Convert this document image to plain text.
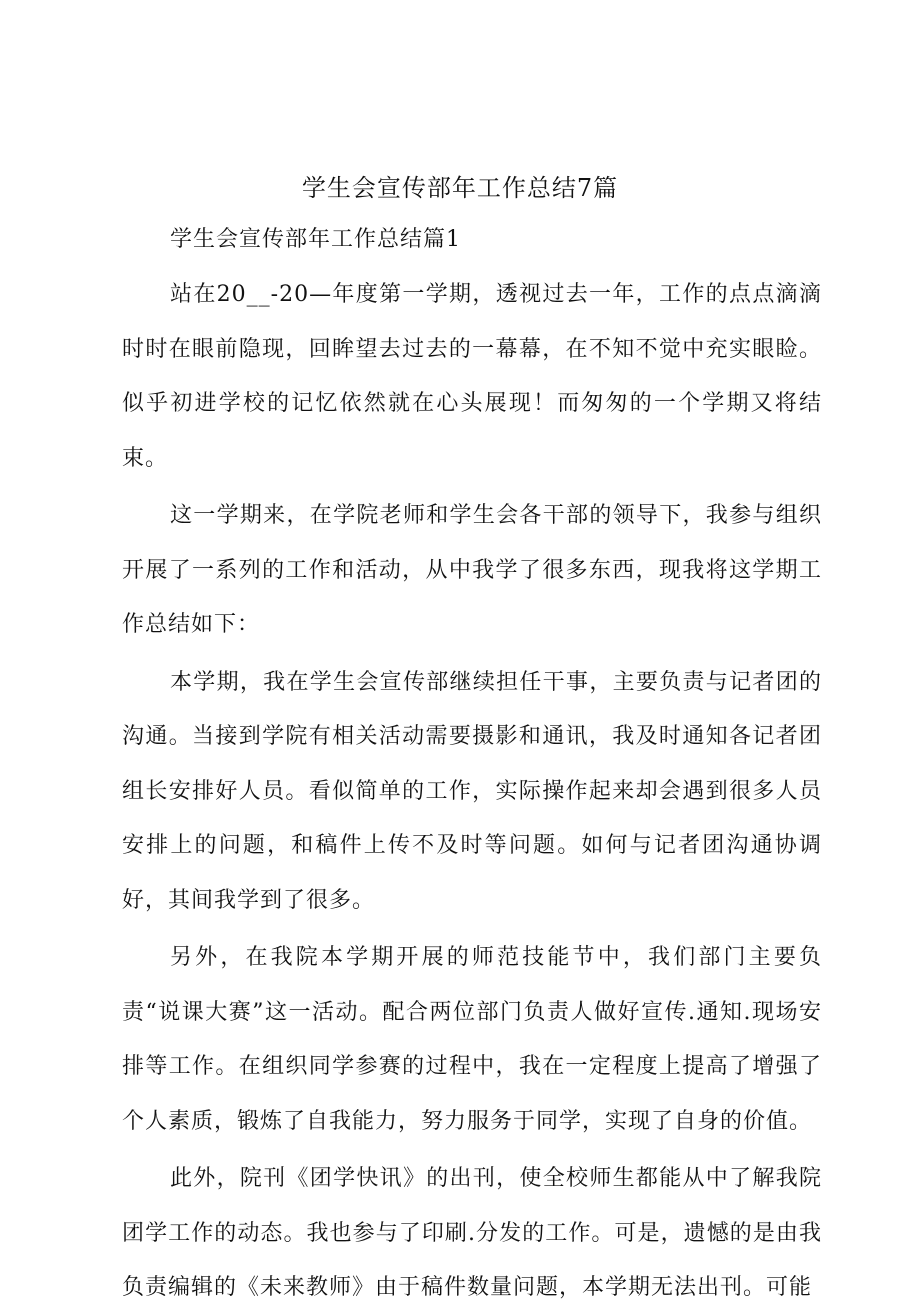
学生会宣传部年工作总结7篇
学生会宣传部年工作总结篇1

站在20__-20—年度第一学期，透视过去一年，工作的点点滴滴时时在眼前隐现，回眸望去过去的一幕幕，在不知不觉中充实眼睑。似乎初进学校的记忆依然就在心头展现！而匆匆的一个学期又将结束。

这一学期来，在学院老师和学生会各干部的领导下，我参与组织开展了一系列的工作和活动，从中我学了很多东西，现我将这学期工作总结如下：

本学期，我在学生会宣传部继续担任干事，主要负责与记者团的沟通。当接到学院有相关活动需要摄影和通讯，我及时通知各记者团组长安排好人员。看似简单的工作，实际操作起来却会遇到很多人员安排上的问题，和稿件上传不及时等问题。如何与记者团沟通协调好，其间我学到了很多。

另外，在我院本学期开展的师范技能节中，我们部门主要负责“说课大赛”这一活动。配合两位部门负责人做好宣传.通知.现场安排等工作。在组织同学参赛的过程中，我在一定程度上提高了增强了个人素质，锻炼了自我能力，努力服务于同学，实现了自身的价值。

此外，院刊《团学快讯》的出刊，使全校师生都能从中了解我院团学工作的动态。我也参与了印刷.分发的工作。可是，遗憾的是由我负责编辑的《未来教师》由于稿件数量问题，本学期无法出刊。可能
